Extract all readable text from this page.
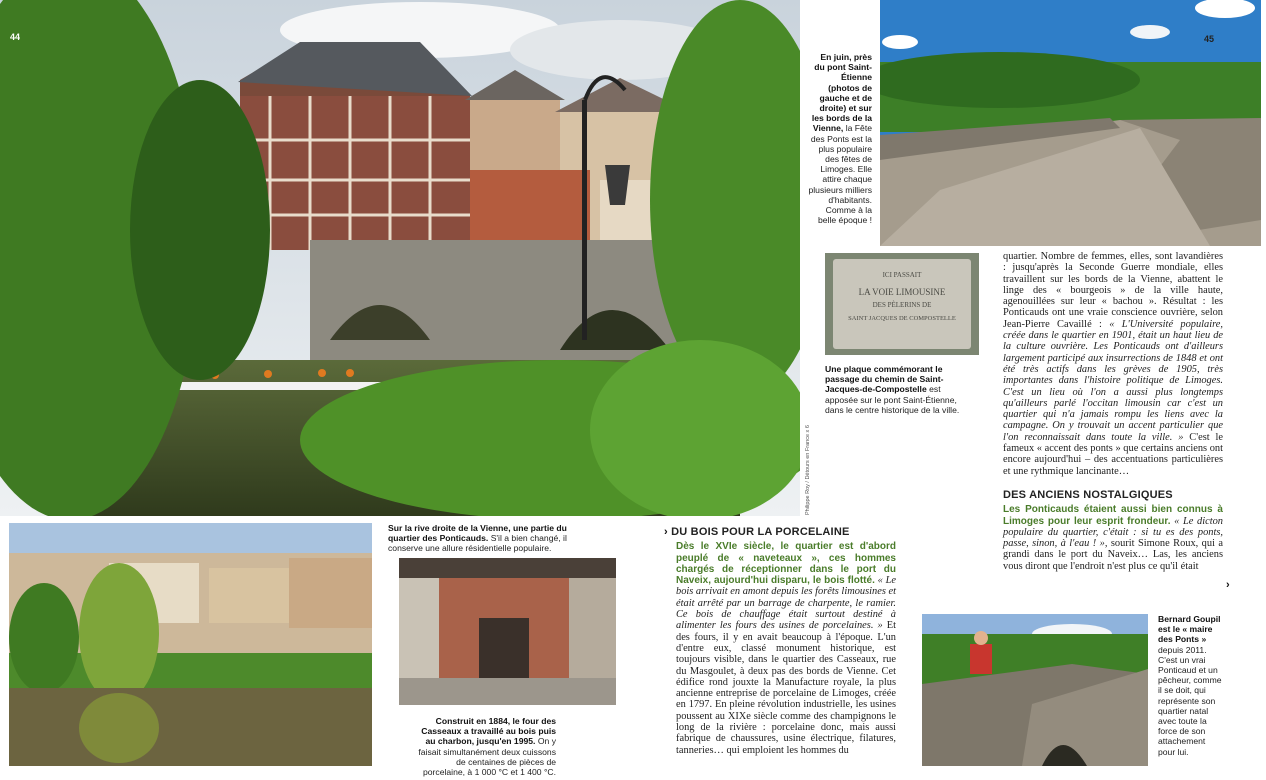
44
Philippe Roy / Détours en France x 6
En juin, près du pont Saint-Étienne (photos de gauche et de droite) et sur les bords de la Vienne, la Fête des Ponts est la plus populaire des fêtes de Limoges. Elle attire chaque plusieurs milliers d'habitants. Comme à la belle époque !
45
ICI PASSAIT
LA VOIE LIMOUSINE
DES PÈLERINS DE
SAINT JACQUES DE COMPOSTELLE
Une plaque commémorant le passage du chemin de Saint-Jacques-de-Compostelle est apposée sur le pont Saint-Étienne, dans le centre historique de la ville.

quartier. Nombre de femmes, elles, sont lavandières : jusqu'après la Seconde Guerre mondiale, elles travaillent sur les bords de la Vienne, abattent le linge des « bourgeois » de la ville haute, agenouillées sur leur « bachou ». Résultat : les Ponticauds ont une vraie conscience ouvrière, selon Jean-Pierre Cavaillé : « L'Université populaire, créée dans le quartier en 1901, était un haut lieu de la culture ouvrière. Les Ponticauds ont d'ailleurs largement participé aux insurrections de 1848 et ont été très actifs dans les grèves de 1905, très importantes dans l'histoire politique de Limoges. C'est un lieu où l'on a aussi plus longtemps qu'ailleurs parlé l'occitan limousin car c'est un quartier qui n'a jamais rompu les liens avec la campagne. On y trouvait un accent particulier que l'on reconnaissait dans toute la ville. » C'est le fameux « accent des ponts » que certains anciens ont encore aujourd'hui – des accentuations particulières et une rythmique lancinante…

DES ANCIENS NOSTALGIQUES

Les Ponticauds étaient aussi bien connus à Limoges pour leur esprit frondeur. « Le dicton populaire du quartier, c'était : si tu es des ponts, passe, sinon, à l'eau ! », sourit Simone Roux, qui a grandi dans le port du Naveix… Las, les anciens vous diront que l'endroit n'est plus ce qu'il était

›
Sur la rive droite de la Vienne, une partie du quartier des Ponticauds. S'il a bien changé, il conserve une allure résidentielle populaire.
Construit en 1884, le four des Casseaux a travaillé au bois puis au charbon, jusqu'en 1995. On y faisait simultanément deux cuissons de centaines de pièces de porcelaine, à 1 000 °C et 1 400 °C.
› DU BOIS POUR LA PORCELAINE

Dès le XVIe siècle, le quartier est d'abord peuplé de « naveteaux », ces hommes chargés de réceptionner dans le port du Naveix, aujourd'hui disparu, le bois flotté. « Le bois arrivait en amont depuis les forêts limousines et était arrêté par un barrage de charpente, le ramier. Ce bois de chauffage était surtout destiné à alimenter les fours des usines de porcelaines. » Et des fours, il y en avait beaucoup à l'époque. L'un d'entre eux, classé monument historique, est toujours visible, dans le quartier des Casseaux, rue du Masgoulet, à deux pas des bords de Vienne. Cet édifice rond jouxte la Manufacture royale, la plus ancienne entreprise de porcelaine de Limoges, créée en 1797. En pleine révolution industrielle, les usines poussent au XIXe siècle comme des champignons le long de la rivière : porcelaine donc, mais aussi fabrique de chaussures, usine électrique, filatures, tanneries… qui emploient les hommes du

Bernard Goupil est le « maire des Ponts » depuis 2011. C'est un vrai Ponticaud et un pêcheur, comme il se doit, qui représente son quartier natal avec toute la force de son attachement pour lui.
